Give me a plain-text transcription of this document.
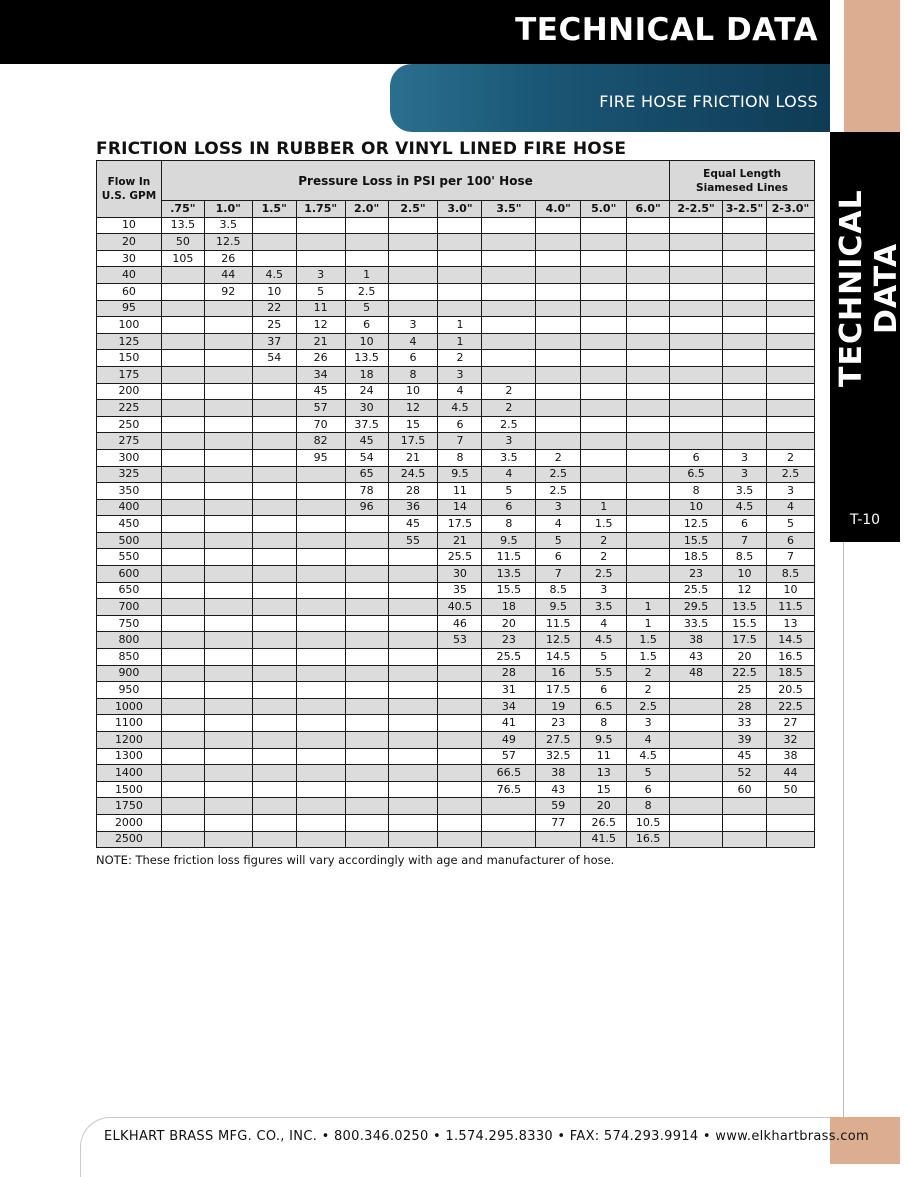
TECHNICAL DATA
FIRE HOSE FRICTION LOSS
TECHNICAL DATA
T-10
FRICTION LOSS IN RUBBER OR VINYL LINED FIRE HOSE
Flow In U.S. GPM	Pressure Loss in PSI per 100' Hose											Equal Length
Siamesed Lines		

	.75"	1.0"	1.5"	1.75"	2.0"	2.5"	3.0"	3.5"	4.0"	5.0"	6.0"	2-2.5"	3-2.5"	2-3.0"
10	13.5	3.5												
20	50	12.5												
30	105	26												
40		44	4.5	3	1									
60		92	10	5	2.5									
95			22	11	5									
100			25	12	6	3	1							
125			37	21	10	4	1							
150			54	26	13.5	6	2							
175				34	18	8	3							
200				45	24	10	4	2						
225				57	30	12	4.5	2						
250				70	37.5	15	6	2.5						
275				82	45	17.5	7	3						
300				95	54	21	8	3.5	2			6	3	2
325					65	24.5	9.5	4	2.5			6.5	3	2.5
350					78	28	11	5	2.5			8	3.5	3
400					96	36	14	6	3	1		10	4.5	4
450						45	17.5	8	4	1.5		12.5	6	5
500						55	21	9.5	5	2		15.5	7	6
550							25.5	11.5	6	2		18.5	8.5	7
600							30	13.5	7	2.5		23	10	8.5
650							35	15.5	8.5	3		25.5	12	10
700							40.5	18	9.5	3.5	1	29.5	13.5	11.5
750							46	20	11.5	4	1	33.5	15.5	13
800							53	23	12.5	4.5	1.5	38	17.5	14.5
850								25.5	14.5	5	1.5	43	20	16.5
900								28	16	5.5	2	48	22.5	18.5
950								31	17.5	6	2		25	20.5
1000								34	19	6.5	2.5		28	22.5
1100								41	23	8	3		33	27
1200								49	27.5	9.5	4		39	32
1300								57	32.5	11	4.5		45	38
1400								66.5	38	13	5		52	44
1500								76.5	43	15	6		60	50
1750									59	20	8			
2000									77	26.5	10.5			
2500										41.5	16.5			
NOTE: These friction loss figures will vary accordingly with age and manufacturer of hose.
ELKHART BRASS MFG. CO., INC. • 800.346.0250 • 1.574.295.8330 • FAX: 574.293.9914 • www.elkhartbrass.com
